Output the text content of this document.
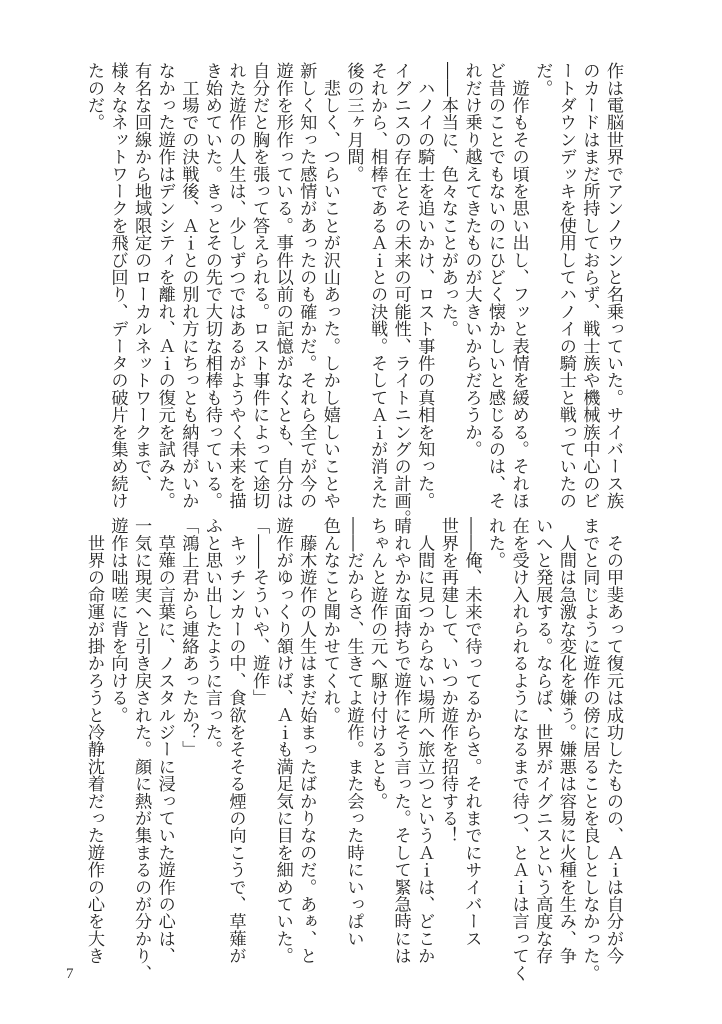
作は電脳世界でアンノウンと名乗っていた。サイバース族
のカードはまだ所持しておらず、戦士族や機械族中心のビ
ートダウンデッキを使用してハノイの騎士と戦っていたの
だ。
　遊作もその頃を思い出し、フッと表情を緩める。それほ
ど昔のことでもないのにひどく懐かしいと感じるのは、そ
れだけ乗り越えてきたものが大きいからだろうか。
――本当に、色々なことがあった。
　ハノイの騎士を追いかけ、ロスト事件の真相を知った。
イグニスの存在とその未来の可能性、ライトニングの計画。
それから、相棒であるＡｉとの決戦。そしてＡｉが消えた
後の三ヶ月間。
　悲しく、つらいことが沢山あった。しかし嬉しいことや
新しく知った感情があったのも確かだ。それら全てが今の
遊作を形作っている。事件以前の記憶がなくとも、自分は
自分だと胸を張って答えられる。ロスト事件によって途切
れた遊作の人生は、少しずつではあるがようやく未来を描
き始めていた。きっとその先で大切な相棒も待っている。
　工場での決戦後、Ａｉとの別れ方にちっとも納得がいか
なかった遊作はデンシティを離れ、Ａｉの復元を試みた。
有名な回線から地域限定のローカルネットワークまで、
様々なネットワークを飛び回り、データの破片を集め続け
たのだ。
　その甲斐あって復元は成功したものの、Ａｉは自分が今
までと同じように遊作の傍に居ることを良しとしなかった。
　人間は急激な変化を嫌う。嫌悪は容易に火種を生み、争
いへと発展する。ならば、世界がイグニスという高度な存
在を受け入れられるようになるまで待つ、とＡｉは言ってく
れた。
――俺、未来で待ってるからさ。それまでにサイバース
世界を再建して、いつか遊作を招待する！
　人間に見つからない場所へ旅立つというＡｉは、どこか
晴れやかな面持ちで遊作にそう言った。そして緊急時には
ちゃんと遊作の元へ駆け付けるとも。
――だからさ、生きてよ遊作。また会った時にいっぱい
色んなこと聞かせてくれ。
　藤木遊作の人生はまだ始まったばかりなのだ。あぁ、と
遊作がゆっくり頷けば、Ａｉも満足気に目を細めていた。
「――そういや、遊作」
　キッチンカーの中、食欲をそそる煙の向こうで、草薙が
ふと思い出したように言った。
「鴻上君から連絡あったか？」
　草薙の言葉に、ノスタルジーに浸っていた遊作の心は、
一気に現実へと引き戻された。顔に熱が集まるのが分かり、
遊作は咄嗟に背を向ける。
　世界の命運が掛かろうと冷静沈着だった遊作の心を大き
7
